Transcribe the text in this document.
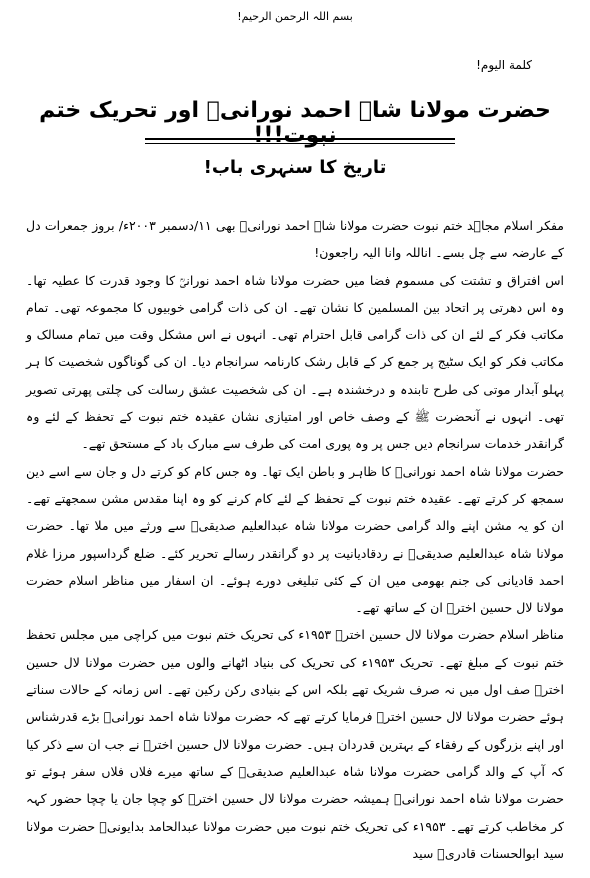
بسم اللہ الرحمن الرحیم!
کلمة الیوم!
حضرت مولانا شاہ احمد نورانیؒ اور تحریک ختم نبوت!!!
تاریخ کا سنہری باب!

مفکر اسلام مجاہد ختم نبوت حضرت مولانا شاہ احمد نورانیؒ بھی ۱۱/دسمبر ۲۰۰۳ء/ بروز جمعرات دل کے عارضہ سے چل بسے۔ اناللہ وانا الیہ راجعون!

اس افتراق و تشتت کی مسموم فضا میں حضرت مولانا شاہ احمد نورانیؒ کا وجود قدرت کا عطیہ تھا۔ وہ اس دھرتی پر اتحاد بین المسلمین کا نشان تھے۔ ان کی ذات گرامی خوبیوں کا مجموعہ تھی۔ تمام مکاتب فکر کے لئے ان کی ذات گرامی قابل احترام تھی۔ انہوں نے اس مشکل وقت میں تمام مسالک و مکاتب فکر کو ایک سٹیج پر جمع کر کے قابل رشک کارنامہ سرانجام دیا۔ ان کی گوناگوں شخصیت کا ہر پہلو آبدار موتی کی طرح تابندہ و درخشندہ ہے۔ ان کی شخصیت عشق رسالت کی چلتی پھرتی تصویر تھی۔ انہوں نے آنحضرت ﷺ کے وصف خاص اور امتیازی نشان عقیدہ ختم نبوت کے تحفظ کے لئے وہ گرانقدر خدمات سرانجام دیں جس پر وہ پوری امت کی طرف سے مبارک باد کے مستحق تھے۔

حضرت مولانا شاہ احمد نورانیؒ کا ظاہر و باطن ایک تھا۔ وہ جس کام کو کرتے دل و جان سے اسے دین سمجھ کر کرتے تھے۔ عقیدہ ختم نبوت کے تحفظ کے لئے کام کرنے کو وہ اپنا مقدس مشن سمجھتے تھے۔ ان کو یہ مشن اپنے والد گرامی حضرت مولانا شاہ عبدالعلیم صدیقیؒ سے ورثے میں ملا تھا۔ حضرت مولانا شاہ عبدالعلیم صدیقیؒ نے ردقادیانیت پر دو گرانقدر رسالے تحریر کئے۔ ضلع گرداسپور مرزا غلام احمد قادیانی کی جنم بھومی میں ان کے کئی تبلیغی دورے ہوئے۔ ان اسفار میں مناظر اسلام حضرت مولانا لال حسین اخترؒ ان کے ساتھ تھے۔

مناظر اسلام حضرت مولانا لال حسین اخترؒ ۱۹۵۳ء کی تحریک ختم نبوت میں کراچی میں مجلس تحفظ ختم نبوت کے مبلغ تھے۔ تحریک ۱۹۵۳ء کی تحریک کی بنیاد اٹھانے والوں میں حضرت مولانا لال حسین اخترؒ صف اول میں نہ صرف شریک تھے بلکہ اس کے بنیادی رکن رکین تھے۔ اس زمانہ کے حالات سناتے ہوئے حضرت مولانا لال حسین اخترؒ فرمایا کرتے تھے کہ حضرت مولانا شاہ احمد نورانیؒ بڑے قدرشناس اور اپنے بزرگوں کے رفقاء کے بہترین قدردان ہیں۔ حضرت مولانا لال حسین اخترؒ نے جب ان سے ذکر کیا کہ آپ کے والد گرامی حضرت مولانا شاہ عبدالعلیم صدیقیؒ کے ساتھ میرے فلاں فلاں سفر ہوئے تو حضرت مولانا شاہ احمد نورانیؒ ہمیشہ حضرت مولانا لال حسین اخترؒ کو چچا جان یا چچا حضور کہہ کر مخاطب کرتے تھے۔ ۱۹۵۳ء کی تحریک ختم نبوت میں حضرت مولانا عبدالحامد بدایونیؒ حضرت مولانا سید ابوالحسنات قادریؒ سید
